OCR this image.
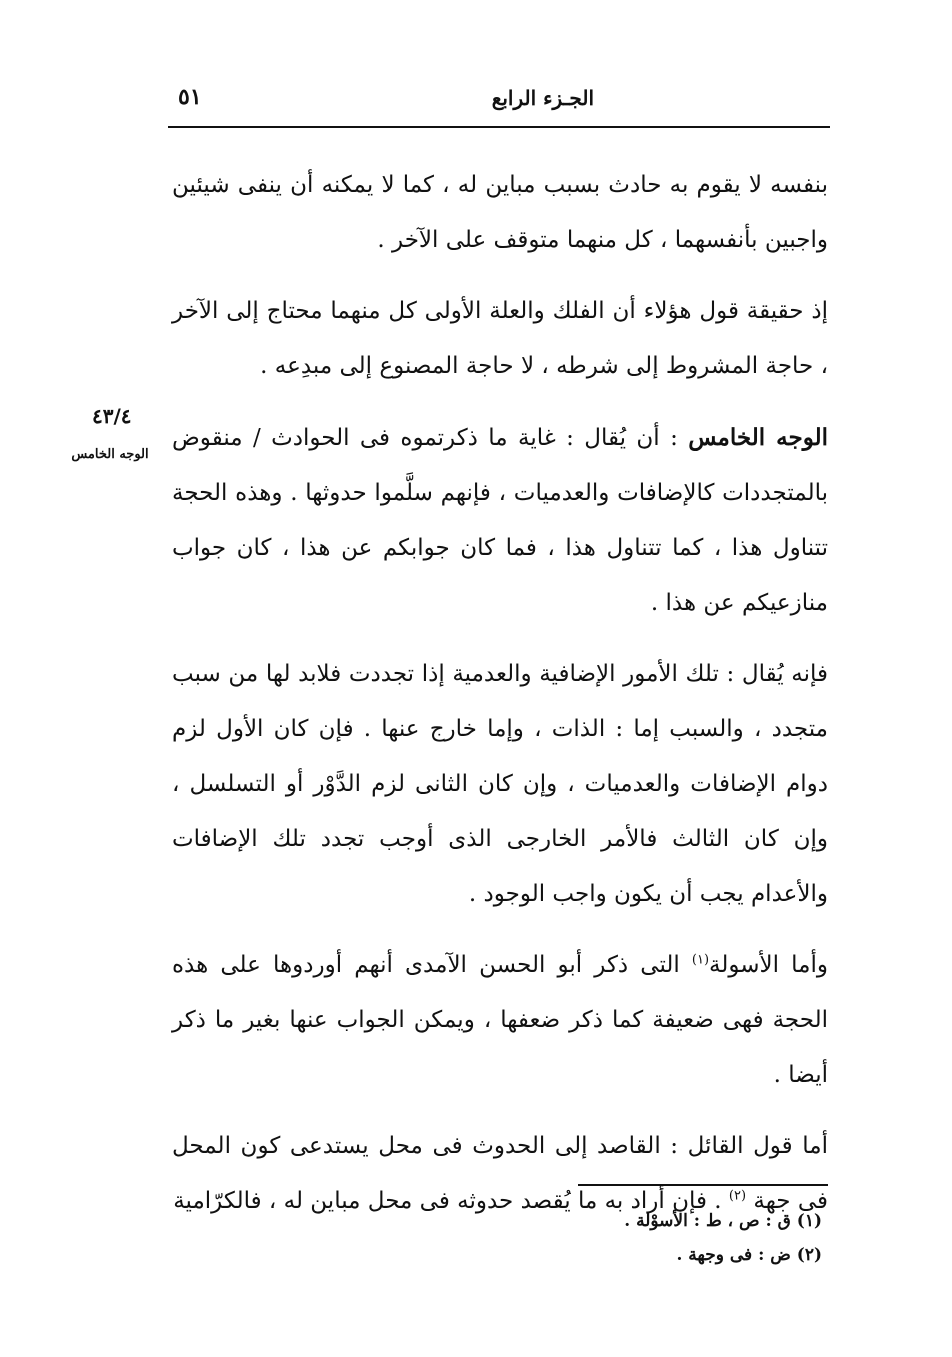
الجـزء الرابع
٥١
٤٣/٤
الوجه الخامس

بنفسه لا يقوم به حادث بسبب مباين له ، كما لا يمكنه أن ينفى شيئين واجبين بأنفسهما ، كل منهما متوقف على الآخر .

إذ حقيقة قول هؤلاء أن الفلك والعلة الأولى كل منهما محتاج إلى الآخر ، حاجة المشروط إلى شرطه ، لا حاجة المصنوع إلى مبدِعه .

الوجه الخامس : أن يُقال : غاية ما ذكرتموه فى الحوادث / منقوض بالمتجددات كالإضافات والعدميات ، فإنهم سلَّموا حدوثها . وهذه الحجة تتناول هذا ، كما تتناول هذا ، فما كان جوابكم عن هذا ، كان جواب منازعيكم عن هذا .

فإنه يُقال : تلك الأمور الإضافية والعدمية إذا تجددت فلابد لها من سبب متجدد ، والسبب إما : الذات ، وإما خارج عنها . فإن كان الأول لزم دوام الإضافات والعدميات ، وإن كان الثانى لزم الدَّوْر أو التسلسل ، وإن كان الثالث فالأمر الخارجى الذى أوجب تجدد تلك الإضافات والأعدام يجب أن يكون واجب الوجود .

وأما الأسولة$^{(١)}$ التى ذكر أبو الحسن الآمدى أنهم أوردوها على هذه الحجة فهى ضعيفة كما ذكر ضعفها ، ويمكن الجواب عنها بغير ما ذكر أيضا .

أما قول القائل : القاصد إلى الحدوث فى محل يستدعى كون المحل فى جهة $^{(٢)}$ . فإن أراد به ما يُقصد حدوثه فى محل مباين له ، فالكرّامية

(١) ق : ص ، ط : الأسوْلة .
(٢) ض : فى وجهة .
